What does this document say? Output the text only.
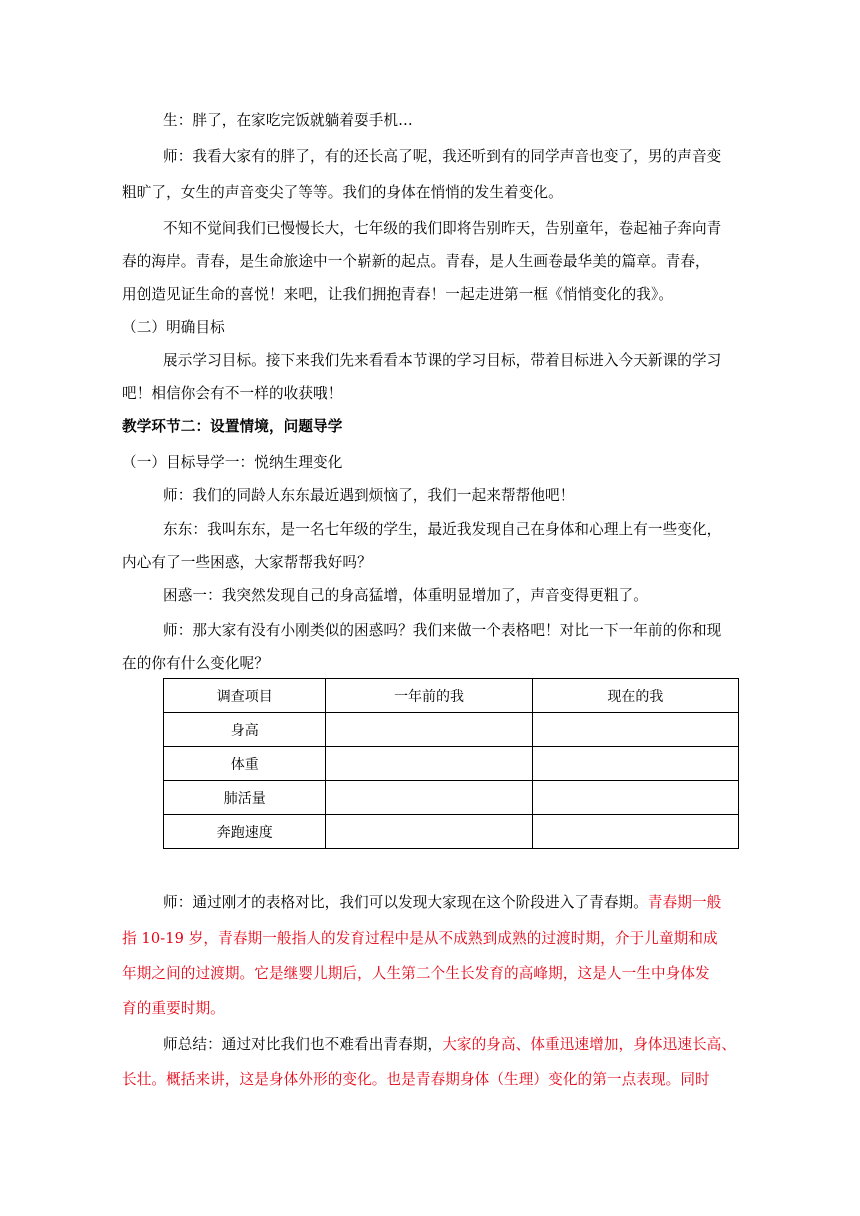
生：胖了，在家吃完饭就躺着耍手机…
师：我看大家有的胖了，有的还长高了呢，我还听到有的同学声音也变了，男的声音变
粗旷了，女生的声音变尖了等等。我们的身体在悄悄的发生着变化。
不知不觉间我们已慢慢长大，七年级的我们即将告别昨天，告别童年，卷起袖子奔向青
春的海岸。青春，是生命旅途中一个崭新的起点。青春，是人生画卷最华美的篇章。青春，
用创造见证生命的喜悦！来吧，让我们拥抱青春！一起走进第一框《悄悄变化的我》。
（二）明确目标
展示学习目标。接下来我们先来看看本节课的学习目标，带着目标进入今天新课的学习
吧！相信你会有不一样的收获哦！
教学环节二：设置情境，问题导学
（一）目标导学一：悦纳生理变化
师：我们的同龄人东东最近遇到烦恼了，我们一起来帮帮他吧！
东东：我叫东东，是一名七年级的学生，最近我发现自己在身体和心理上有一些变化，
内心有了一些困惑，大家帮帮我好吗？
困惑一：我突然发现自己的身高猛增，体重明显增加了，声音变得更粗了。
师：那大家有没有小刚类似的困惑吗？我们来做一个表格吧！对比一下一年前的你和现
在的你有什么变化呢？
调查项目	一年前的我	现在的我
身高		
体重		
肺活量		
奔跑速度		
师：通过刚才的表格对比，我们可以发现大家现在这个阶段进入了青春期。青春期一般
指 10-19 岁，青春期一般指人的发育过程中是从不成熟到成熟的过渡时期，介于儿童期和成
年期之间的过渡期。它是继婴儿期后，人生第二个生长发育的高峰期，这是人一生中身体发
育的重要时期。
师总结：通过对比我们也不难看出青春期，大家的身高、体重迅速增加，身体迅速长高、
长壮。概括来讲，这是身体外形的变化。也是青春期身体（生理）变化的第一点表现。同时
